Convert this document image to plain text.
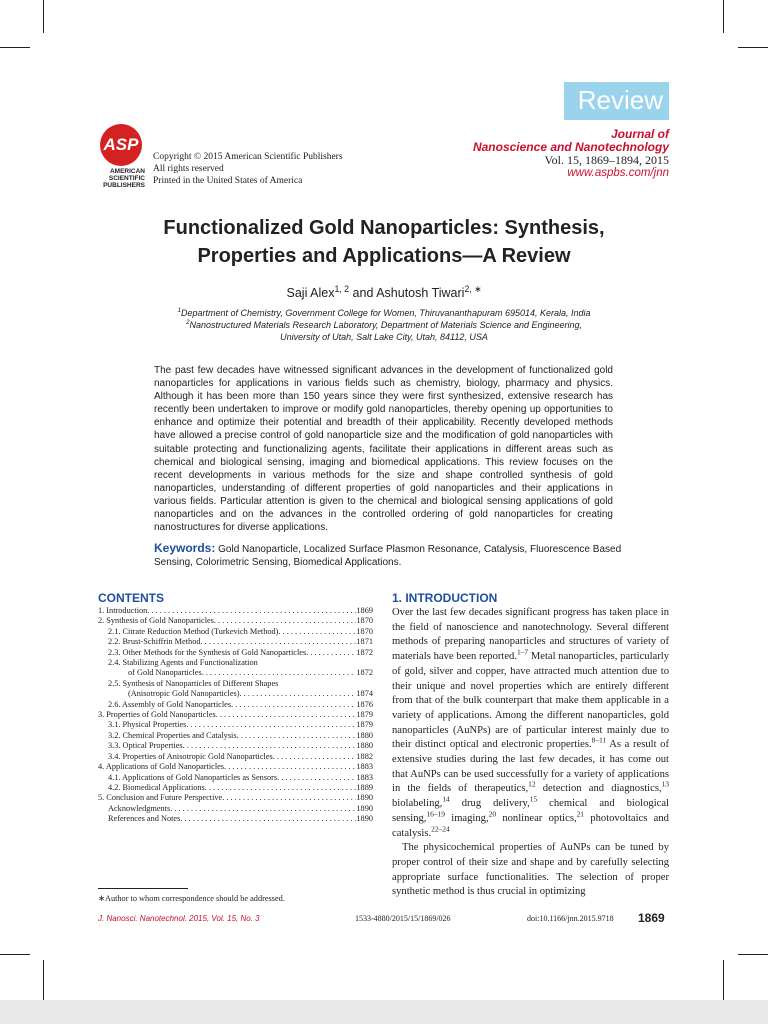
Review
ASP
AMERICAN
SCIENTIFIC
PUBLISHERS
Copyright © 2015 American Scientific Publishers
All rights reserved
Printed in the United States of America
Journal of
Nanoscience and Nanotechnology
Vol. 15, 1869–1894, 2015
www.aspbs.com/jnn
Functionalized Gold Nanoparticles: Synthesis,
Properties and Applications—A Review
Saji Alex$^{1, 2}$ and Ashutosh Tiwari$^{2, ∗}$
$^1$Department of Chemistry, Government College for Women, Thiruvananthapuram 695014, Kerala, India
$^2$Nanostructured Materials Research Laboratory, Department of Materials Science and Engineering,
University of Utah, Salt Lake City, Utah, 84112, USA
The past few decades have witnessed significant advances in the development of functionalized gold nanoparticles for applications in various fields such as chemistry, biology, pharmacy and physics. Although it has been more than 150 years since they were first synthesized, extensive research has recently been undertaken to improve or modify gold nanoparticles, thereby opening up opportunities to enhance and optimize their potential and breadth of their applicability. Recently developed methods have allowed a precise control of gold nanoparticle size and the modification of gold nanoparticles with suitable protecting and functionalizing agents, facilitate their applications in different areas such as chemical and biological sensing, imaging and biomedical applications. This review focuses on the recent developments in various methods for the size and shape controlled synthesis of gold nanoparticles, understanding of different properties of gold nanoparticles and their applications in various fields. Particular attention is given to the chemical and biological sensing applications of gold nanoparticles and on the advances in the controlled ordering of gold nanoparticles for creating nanostructures for diverse applications.
Keywords: Gold Nanoparticle, Localized Surface Plasmon Resonance, Catalysis, Fluorescence Based Sensing, Colorimetric Sensing, Biomedical Applications.
CONTENTS
1. Introduction . . .	1869
2. Synthesis of Gold Nanoparticles . . .	1870
2.1. Citrate Reduction Method (Turkevich Method) . . .	1870
2.2. Brust-Schiffrin Method . . .	1871
2.3. Other Methods for the Synthesis of Gold Nanoparticles . . .	1872
2.4. Stabilizing Agents and Functionalization
of Gold Nanoparticles . . .	1872
2.5. Synthesis of Nanoparticles of Different Shapes
(Anisotropic Gold Nanoparticles) . . .	1874
2.6. Assembly of Gold Nanoparticles . . .	1876
3. Properties of Gold Nanoparticles . . .	1879
3.1. Physical Properties . . .	1879
3.2. Chemical Properties and Catalysis . . .	1880
3.3. Optical Properties . . .	1880
3.4. Properties of Anisotropic Gold Nanoparticles . . .	1882
4. Applications of Gold Nanoparticles . . .	1883
4.1. Applications of Gold Nanoparticles as Sensors . . .	1883
4.2. Biomedical Applications . . .	1889
5. Conclusion and Future Perspective . . .	1890
Acknowledgments . . .	1890
References and Notes . . .	1890
∗Author to whom correspondence should be addressed.
1. INTRODUCTION

Over the last few decades significant progress has taken place in the field of nanoscience and nanotechnology. Several different methods of preparing nanoparticles and structures of variety of materials have been reported.$^{1-7}$ Metal nanoparticles, particularly of gold, silver and copper, have attracted much attention due to their unique and novel properties which are entirely different from that of the bulk counterpart that make them applicable in a variety of applications. Among the different nanoparticles, gold nanoparticles (AuNPs) are of particular interest mainly due to their distinct optical and electronic properties.$^{8-11}$ As a result of extensive studies during the last few decades, it has come out that AuNPs can be used successfully for a variety of applications in the fields of therapeutics,$^{12}$ detection and diagnostics,$^{13}$ biolabeling,$^{14}$ drug delivery,$^{15}$ chemical and biological sensing,$^{16-19}$ imaging,$^{20}$ nonlinear optics,$^{21}$ photovoltaics and catalysis.$^{22-24}$

The physicochemical properties of AuNPs can be tuned by proper control of their size and shape and by carefully selecting appropriate surface functionalities. The selection of proper synthetic method is thus crucial in optimizing

J. Nanosci. Nanotechnol. 2015, Vol. 15, No. 3	1533-4880/2015/15/1869/026	doi:10.1166/jnn.2015.9718 1869
